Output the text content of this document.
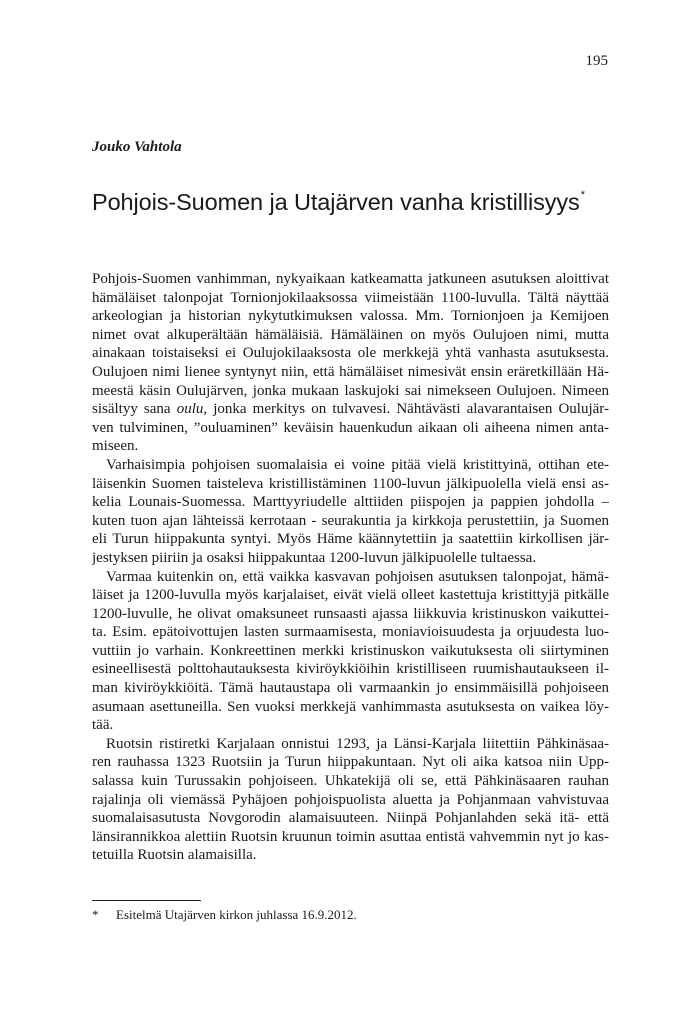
195
Jouko Vahtola
Pohjois-Suomen ja Utajärven vanha kristillisyys*
Pohjois-Suomen vanhimman, nykyaikaan katkeamatta jatkuneen asutuksen aloittivat
hämäläiset talonpojat Tornionjokilaaksossa viimeistään 1100-luvulla. Tältä näyttää
arkeologian ja historian nykytutkimuksen valossa. Mm. Tornionjoen ja Kemijoen
nimet ovat alkuperältään hämäläisiä. Hämäläinen on myös Oulujoen nimi, mutta
ainakaan toistaiseksi ei Oulujokilaaksosta ole merkkejä yhtä vanhasta asutuksesta.
Oulujoen nimi lienee syntynyt niin, että hämäläiset nimesivät ensin eräretkillään Hä-
meestä käsin Oulujärven, jonka mukaan laskujoki sai nimekseen Oulujoen. Nimeen
sisältyy sana oulu, jonka merkitys on tulvavesi. Nähtävästi alavarantaisen Oulujär-
ven tulviminen, ”ouluaminen” keväisin hauenkudun aikaan oli aiheena nimen anta-
miseen.
Varhaisimpia pohjoisen suomalaisia ei voine pitää vielä kristittyinä, ottihan ete-
läisenkin Suomen taisteleva kristillistäminen 1100-luvun jälkipuolella vielä ensi as-
kelia Lounais-Suomessa. Marttyyriudelle alttiiden piispojen ja pappien johdolla –
kuten tuon ajan lähteissä kerrotaan - seurakuntia ja kirkkoja perustettiin, ja Suomen
eli Turun hiippakunta syntyi. Myös Häme käännytettiin ja saatettiin kirkollisen jär-
jestyksen piiriin ja osaksi hiippakuntaa 1200-luvun jälkipuolelle tultaessa.
Varmaa kuitenkin on, että vaikka kasvavan pohjoisen asutuksen talonpojat, hämä-
läiset ja 1200-luvulla myös karjalaiset, eivät vielä olleet kastettuja kristittyjä pitkälle
1200-luvulle, he olivat omaksuneet runsaasti ajassa liikkuvia kristinuskon vaikuttei-
ta. Esim. epätoivottujen lasten surmaamisesta, moniavioisuudesta ja orjuudesta luo-
vuttiin jo varhain. Konkreettinen merkki kristinuskon vaikutuksesta oli siirtyminen
esineellisestä polttohautauksesta kiviröykkiöihin kristilliseen ruumishautaukseen il-
man kiviröykkiöitä. Tämä hautaustapa oli varmaankin jo ensimmäisillä pohjoiseen
asumaan asettuneilla. Sen vuoksi merkkejä vanhimmasta asutuksesta on vaikea löy-
tää.
Ruotsin ristiretki Karjalaan onnistui 1293, ja Länsi-Karjala liitettiin Pähkinäsaa-
ren rauhassa 1323 Ruotsiin ja Turun hiippakuntaan. Nyt oli aika katsoa niin Upp-
salassa kuin Turussakin pohjoiseen. Uhkatekijä oli se, että Pähkinäsaaren rauhan
rajalinja oli viemässä Pyhäjoen pohjoispuolista aluetta ja Pohjanmaan vahvistuvaa
suomalaisasutusta Novgorodin alamaisuuteen. Niinpä Pohjanlahden sekä itä- että
länsirannikkoa alettiin Ruotsin kruunun toimin asuttaa entistä vahvemmin nyt jo kas-
tetuilla Ruotsin alamaisilla.
* Esitelmä Utajärven kirkon juhlassa 16.9.2012.
